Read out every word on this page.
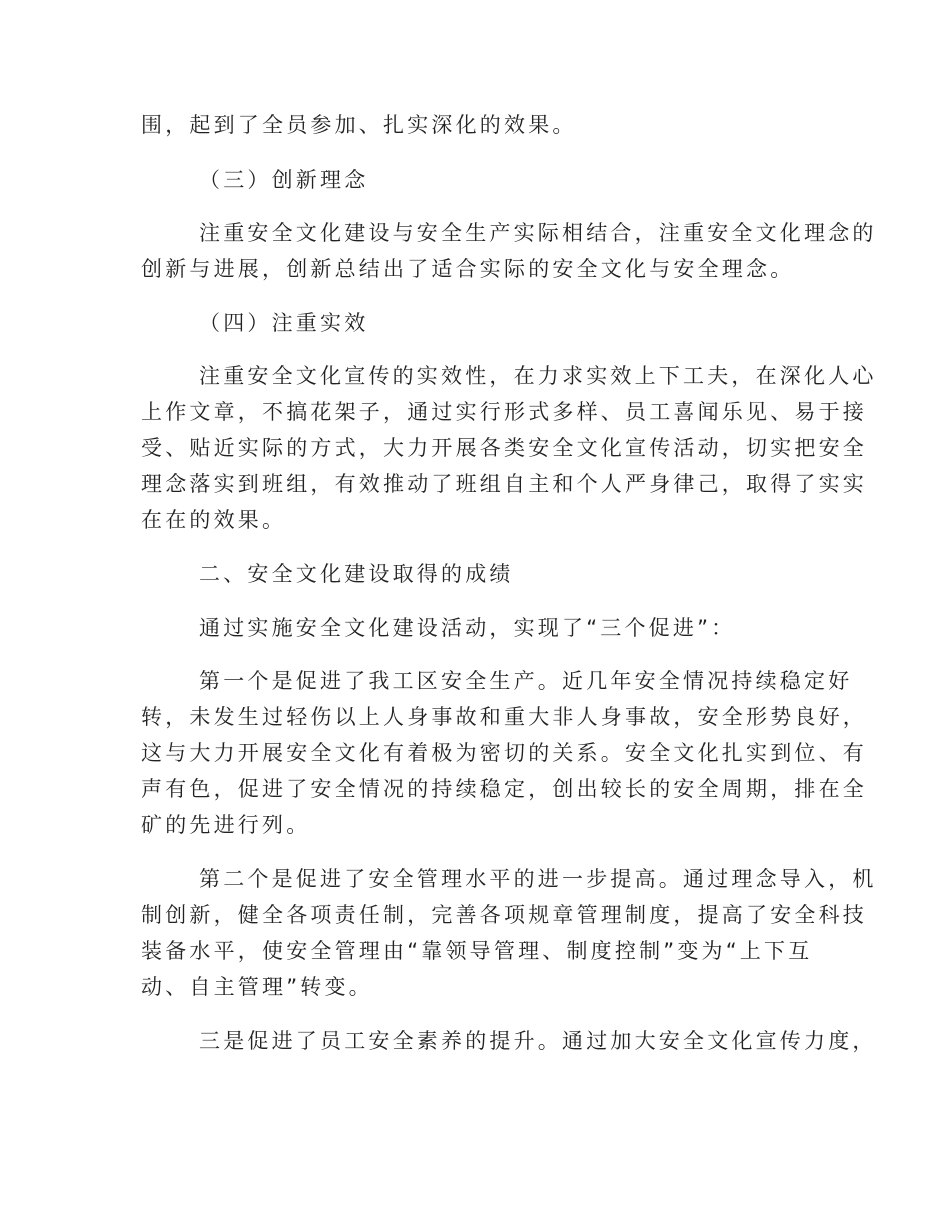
围，起到了全员参加、扎实深化的效果。
（三）创新理念
注重安全文化建设与安全生产实际相结合，注重安全文化理念的
创新与进展，创新总结出了适合实际的安全文化与安全理念。
（四）注重实效
注重安全文化宣传的实效性，在力求实效上下工夫，在深化人心
上作文章，不搞花架子，通过实行形式多样、员工喜闻乐见、易于接
受、贴近实际的方式，大力开展各类安全文化宣传活动，切实把安全
理念落实到班组，有效推动了班组自主和个人严身律己，取得了实实
在在的效果。
二、安全文化建设取得的成绩
通过实施安全文化建设活动，实现了“三个促进”：
第一个是促进了我工区安全生产。近几年安全情况持续稳定好
转，未发生过轻伤以上人身事故和重大非人身事故，安全形势良好，
这与大力开展安全文化有着极为密切的关系。安全文化扎实到位、有
声有色，促进了安全情况的持续稳定，创出较长的安全周期，排在全
矿的先进行列。
第二个是促进了安全管理水平的进一步提高。通过理念导入，机
制创新，健全各项责任制，完善各项规章管理制度，提高了安全科技
装备水平，使安全管理由“靠领导管理、制度控制”变为“上下互
动、自主管理”转变。
三是促进了员工安全素养的提升。通过加大安全文化宣传力度，
